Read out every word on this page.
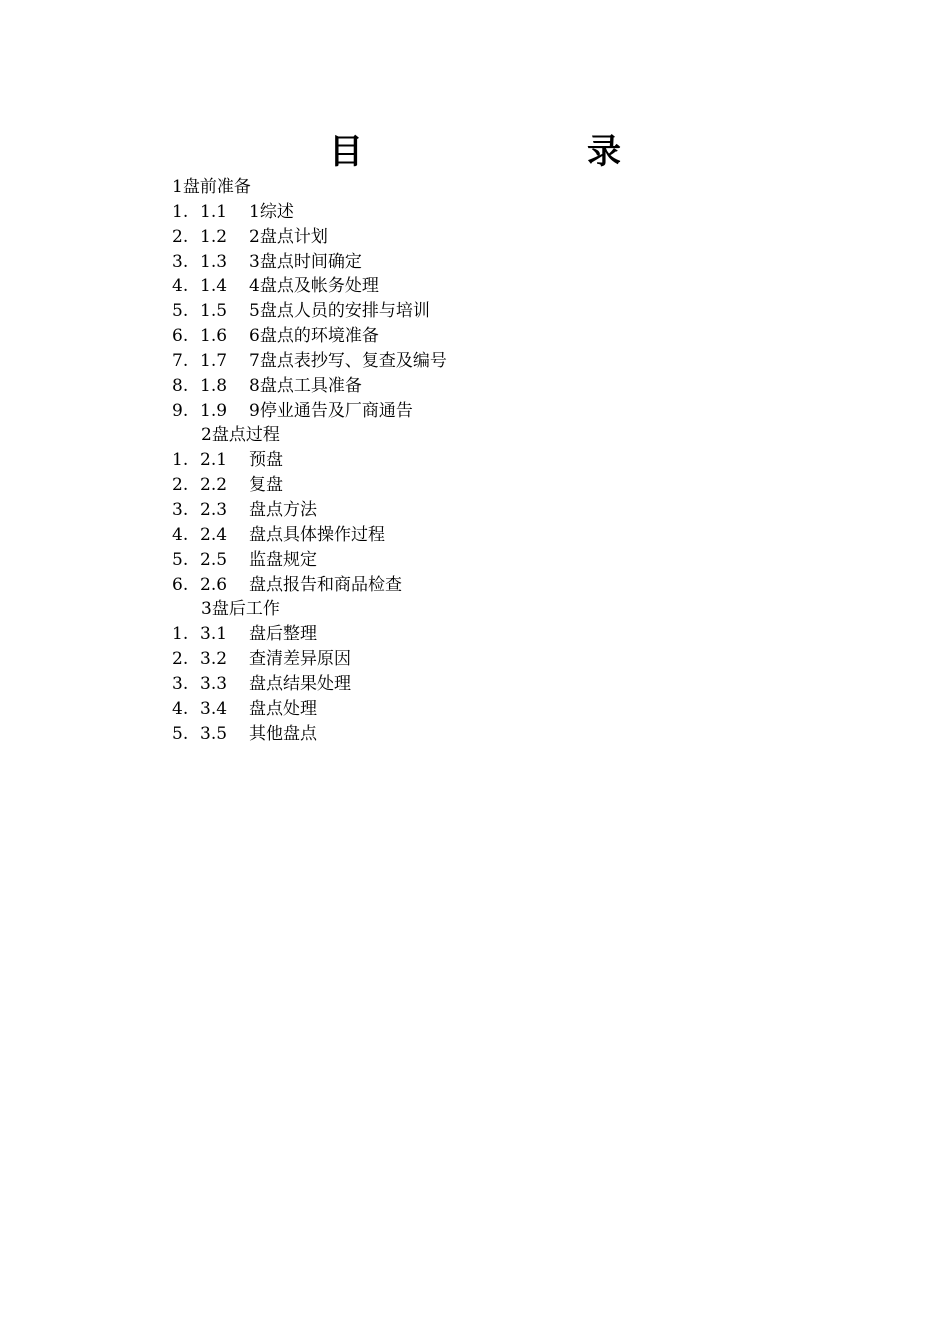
目　　录
1盘前准备
1. 1.1 1综述
2. 1.2 2盘点计划
3. 1.3 3盘点时间确定
4. 1.4 4盘点及帐务处理
5. 1.5 5盘点人员的安排与培训
6. 1.6 6盘点的环境准备
7. 1.7 7盘点表抄写、复查及编号
8. 1.8 8盘点工具准备
9. 1.9 9停业通告及厂商通告
2盘点过程
1. 2.1 预盘
2. 2.2 复盘
3. 2.3 盘点方法
4. 2.4 盘点具体操作过程
5. 2.5 监盘规定
6. 2.6 盘点报告和商品检查
3盘后工作
1. 3.1 盘后整理
2. 3.2 查清差异原因
3. 3.3 盘点结果处理
4. 3.4 盘点处理
5. 3.5 其他盘点
